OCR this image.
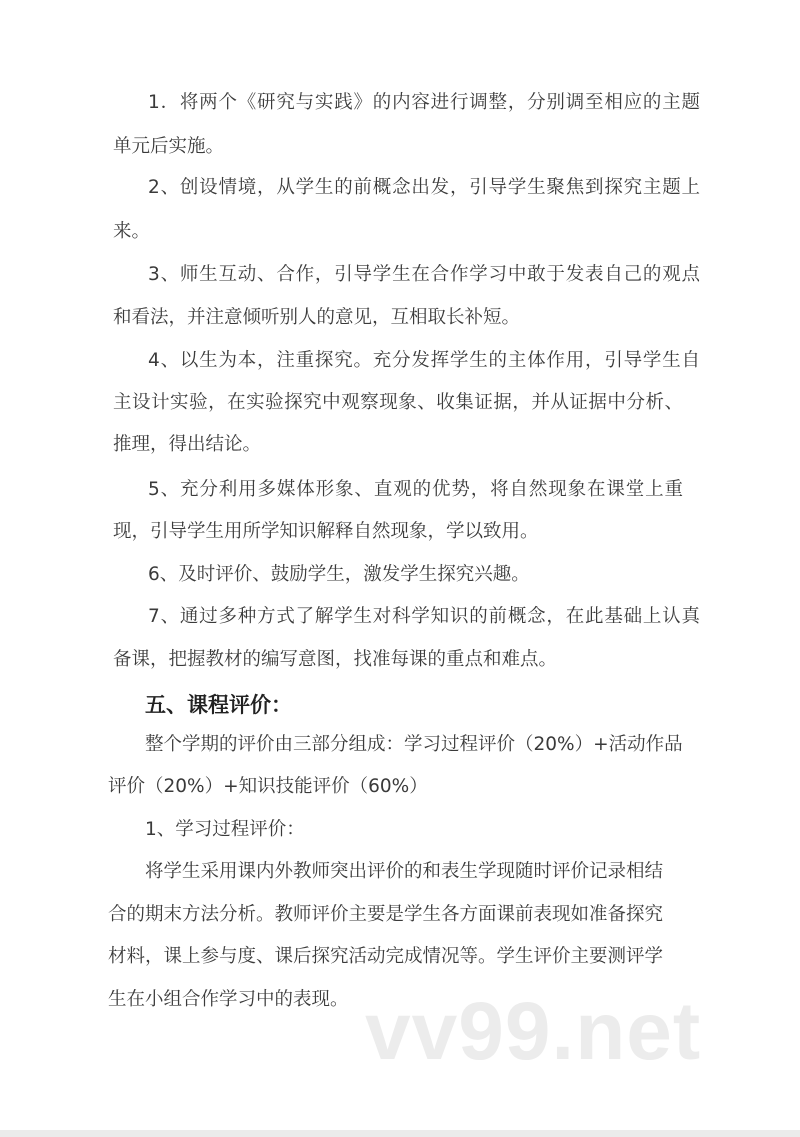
1．将两个《研究与实践》的内容进行调整，分别调至相应的主题
单元后实施。
2、创设情境，从学生的前概念出发，引导学生聚焦到探究主题上
来。
3、师生互动、合作，引导学生在合作学习中敢于发表自己的观点
和看法，并注意倾听别人的意见，互相取长补短。
4、以生为本，注重探究。充分发挥学生的主体作用，引导学生自
主设计实验，在实验探究中观察现象、收集证据，并从证据中分析、
推理，得出结论。
5、充分利用多媒体形象、直观的优势，将自然现象在课堂上重
现，引导学生用所学知识解释自然现象，学以致用。
6、及时评价、鼓励学生，激发学生探究兴趣。
7、通过多种方式了解学生对科学知识的前概念，在此基础上认真
备课，把握教材的编写意图，找准每课的重点和难点。
五、课程评价：
整个学期的评价由三部分组成：学习过程评价（20%）+活动作品
评价（20%）+知识技能评价（60%）
1、学习过程评价：
将学生采用课内外教师突出评价的和表生学现随时评价记录相结
合的期末方法分析。教师评价主要是学生各方面课前表现如准备探究
材料，课上参与度、课后探究活动完成情况等。学生评价主要测评学
生在小组合作学习中的表现。 vv99.net
